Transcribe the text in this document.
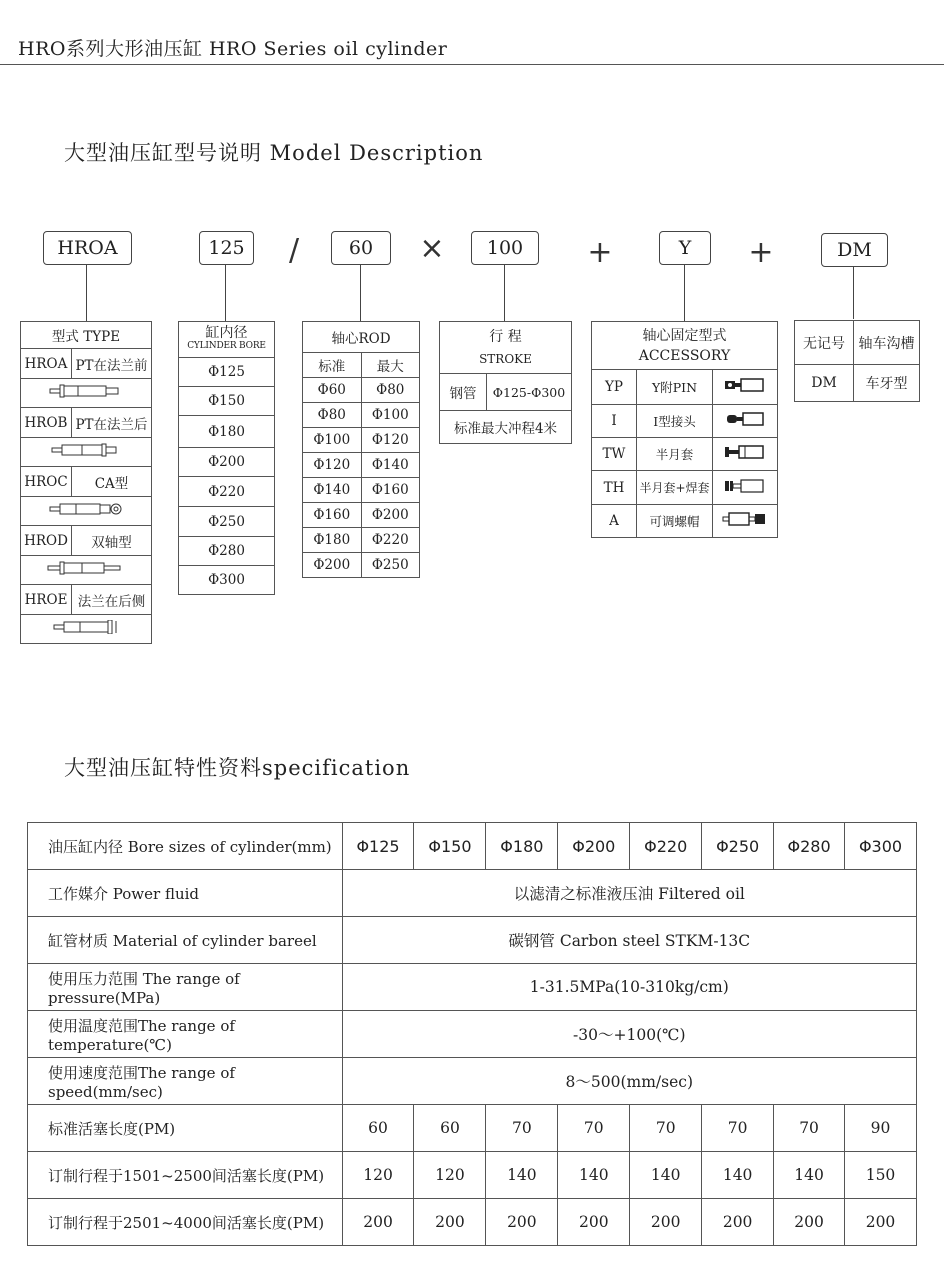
HRO系列大形油压缸 HRO Series oil cylinder
大型油压缸型号说明 Model Description
HROA	125	/	60	×	100	+	Y	+	DM
型式 TYPE	
HROA	PT在法兰前

HROB	PT在法兰后

HROC	CA型

HROD	双轴型

HROE	法兰在后侧

缸内径
CYLINDER BORE

Φ125
Φ150
Φ180
Φ200
Φ220
Φ250
Φ280
Φ300
轴心ROD	
标准	最大
Φ60	Φ80
Φ80	Φ100
Φ100	Φ120
Φ120	Φ140
Φ140	Φ160
Φ160	Φ200
Φ180	Φ220
Φ200	Φ250
行 程
STROKE

钢管	Φ125-Φ300
标准最大冲程4米
轴心固定型式
ACCESSORY		

YP	Y附PIN	
I	I型接头	
TW	半月套	
TH	半月套+焊套	
A	可调螺帽	
无记号	轴车沟槽
DM	车牙型
大型油压缸特性资料specification
油压缸内径 Bore sizes of cylinder(mm)	Φ125	Φ150	Φ180	Φ200	Φ220	Φ250	Φ280	Φ300
工作媒介 Power fluid	以滤清之标准液压油 Filtered oil							
缸管材质 Material of cylinder bareel	碳钢管 Carbon steel STKM-13C							
使用压力范围 The range of pressure(MPa)	1-31.5MPa(10-310kg/cm)							
使用温度范围The range of temperature(℃)	-30～+100(℃)							
使用速度范围The range of speed(mm/sec)	8～500(mm/sec)							
标准活塞长度(PM)	60	60	70	70	70	70	70	90
订制行程于1501~2500间活塞长度(PM)	120	120	140	140	140	140	140	150
订制行程于2501~4000间活塞长度(PM)	200	200	200	200	200	200	200	200
